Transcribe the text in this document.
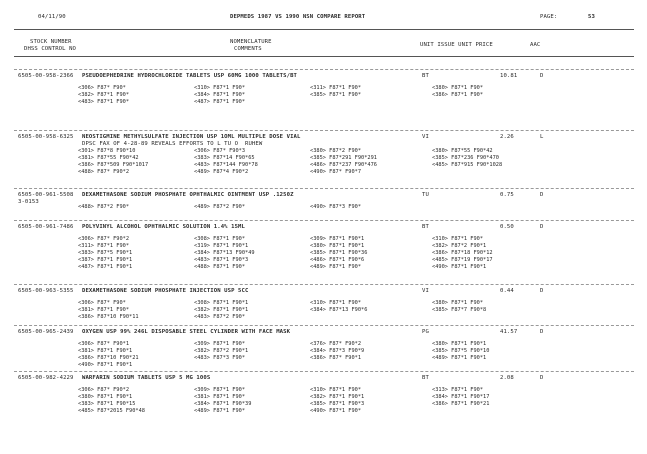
04/11/90	DEPMEDS 1987 VS 1990 NSN COMPARE REPORT	PAGE:	53
STOCK NUMBER
DHSS CONTROL NO
NOMENCLATURE
COMMENTS
UNIT ISSUE UNIT PRICE	AAC
6505-00-958-2366 PSEUDOEPHEDRINE HYDROCHLORIDE TABLETS USP 60MG 1000 TABLETS/BT	BT	10.81	D
<306> F87* F90*	<310> F87*1 F90*	<311> F87*1 F90*	<380> F87*1 F90*
<382> F87*1 F90*	<384> F87*1 F90*	<385> F87*1 F90*	<386> F87*1 F90*
<483> F87*1 F90*	<487> F87*1 F90*
6505-00-958-6325 NEOSTIGMINE METHYLSULFATE INJECTION USP 1OML MULTIPLE DOSE VIAL
DPSC FAX OF 4-28-89 REVEALS EFFORTS TO L TU O  RUHEW
VI	2.26	L
<301> F87*8 F90*10	<306> F87* F90*3	<380> F87*2 F90*	<380> F87*55 F90*42
<381> F87*55 F90*42	<383> F87*14 F90*65	<385> F87*291 F90*291	<385> F87*236 F90*470
<386> F87*509 F90*1017	<483> F87*144 F90*78	<486> F87*237 F90*476	<485> F87*915 F90*1028
<488> F87* F90*2	<489> F87*4 F90*2	<490> F87* F90*7
6505-00-961-5508
3-0153
DEXAMETHASONE SODIUM PHOSPHATE OPHTHALMIC OINTMENT USP .1250Z	TU	0.75	D
<488> F87*2 F90*	<489> F87*2 F90*	<490> F87*3 F90*
6505-00-961-7486 POLYVINYL ALCOHOL OPHTHALMIC SOLUTION 1.4% 15ML	BT	0.50	D
<306> F87* F90*2	<308> F87*1 F90*	<309> F87*1 F90*1	<310> F87*1 F90*
<311> F87*1 F90*	<319> F87*1 F90*1	<380> F87*1 F90*1	<382> F87*2 F90*1
<383> F87*5 F90*1	<384> F87*13 F90*49	<385> F87*1 F90*36	<386> F87*18 F90*12
<387> F87*1 F90*1	<483> F87*1 F90*3	<486> F87*1 F90*6	<485> F87*19 F90*17
<487> F87*1 F90*1	<488> F87*1 F90*	<489> F87*1 F90*	<490> F87*1 F90*1
6505-00-963-5355 DEXAMETHASONE SODIUM PHOSPHATE INJECTION USP 5CC	VI	0.44	D
<306> F87* F90*	<308> F87*1 F90*1	<310> F87*1 F90*	<380> F87*1 F90*
<381> F87*1 F90*	<382> F87*1 F90*1	<384> F87*13 F90*6	<385> F87*7 F90*8
<386> F87*10 F90*11	<483> F87*2 F90*
6505-00-965-2439 OXYGEN USP 99% 246L DISPOSABLE STEEL CYLINDER WITH FACE MASK	PG	41.57	D
<306> F87* F90*1	<309> F87*1 F90*	<376> F87* F90*2	<380> F87*1 F90*1
<381> F87*1 F90*1	<382> F87*2 F90*1	<384> F87*3 F90*9	<385> F87*5 F90*10
<386> F87*10 F90*21	<483> F87*3 F90*	<386> F87* F90*1	<489> F87*1 F90*1
<490> F87*1 F90*1
6505-00-982-4229 WARFARIN SODIUM TABLETS USP 5 MG 100S	BT	2.08	D
<306> F87* F90*2	<309> F87*1 F90*	<310> F87*1 F90*	<313> F87*1 F90*
<380> F87*1 F90*1	<381> F87*1 F90*	<382> F87*1 F90*1	<384> F87*1 F90*17
<383> F87*1 F90*15	<384> F87*1 F90*39	<385> F87*1 F90*3	<386> F87*1 F90*21
<485> F87*2015 F90*48	<489> F87*1 F90*	<490> F87*1 F90*
